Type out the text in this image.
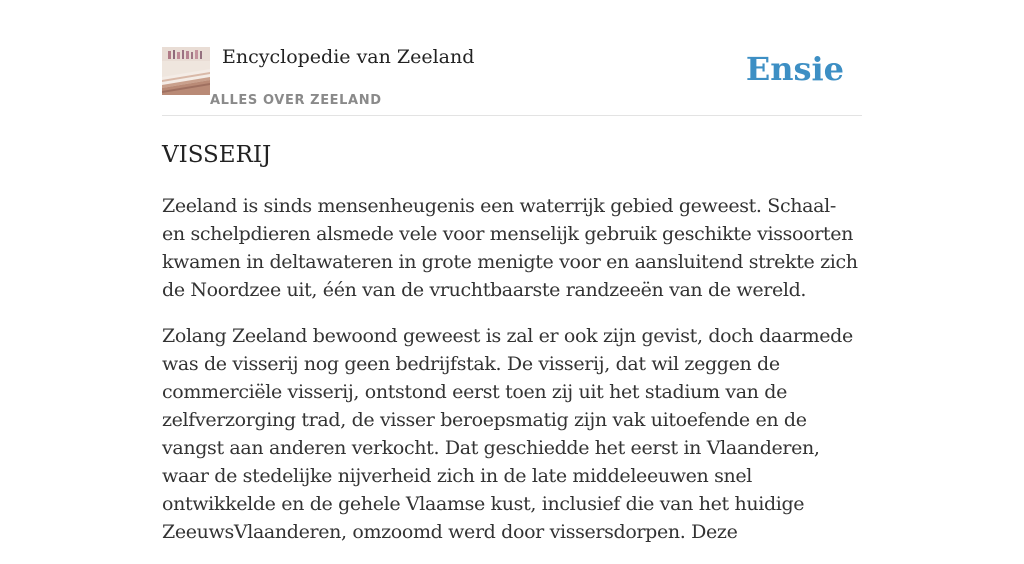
Encyclopedie van Zeeland
ALLES OVER ZEELAND
Ensie
VISSERIJ

Zeeland is sinds mensenheugenis een waterrijk gebied geweest. Schaal- en schelpdieren alsmede vele voor menselijk gebruik geschikte vissoorten kwamen in deltawateren in grote menigte voor en aansluitend strekte zich de Noordzee uit, één van de vruchtbaarste randzeeën van de wereld.

Zolang Zeeland bewoond geweest is zal er ook zijn gevist, doch daarmede was de visserij nog geen bedrijfstak. De visserij, dat wil zeggen de commerciële visserij, ontstond eerst toen zij uit het stadium van de zelfverzorging trad, de visser beroepsmatig zijn vak uitoefende en de vangst aan anderen verkocht. Dat geschiedde het eerst in Vlaanderen, waar de stedelijke nijverheid zich in de late middeleeuwen snel ontwikkelde en de gehele Vlaamse kust, inclusief die van het huidige ZeeuwsVlaanderen, omzoomd werd door vissersdorpen. Deze
